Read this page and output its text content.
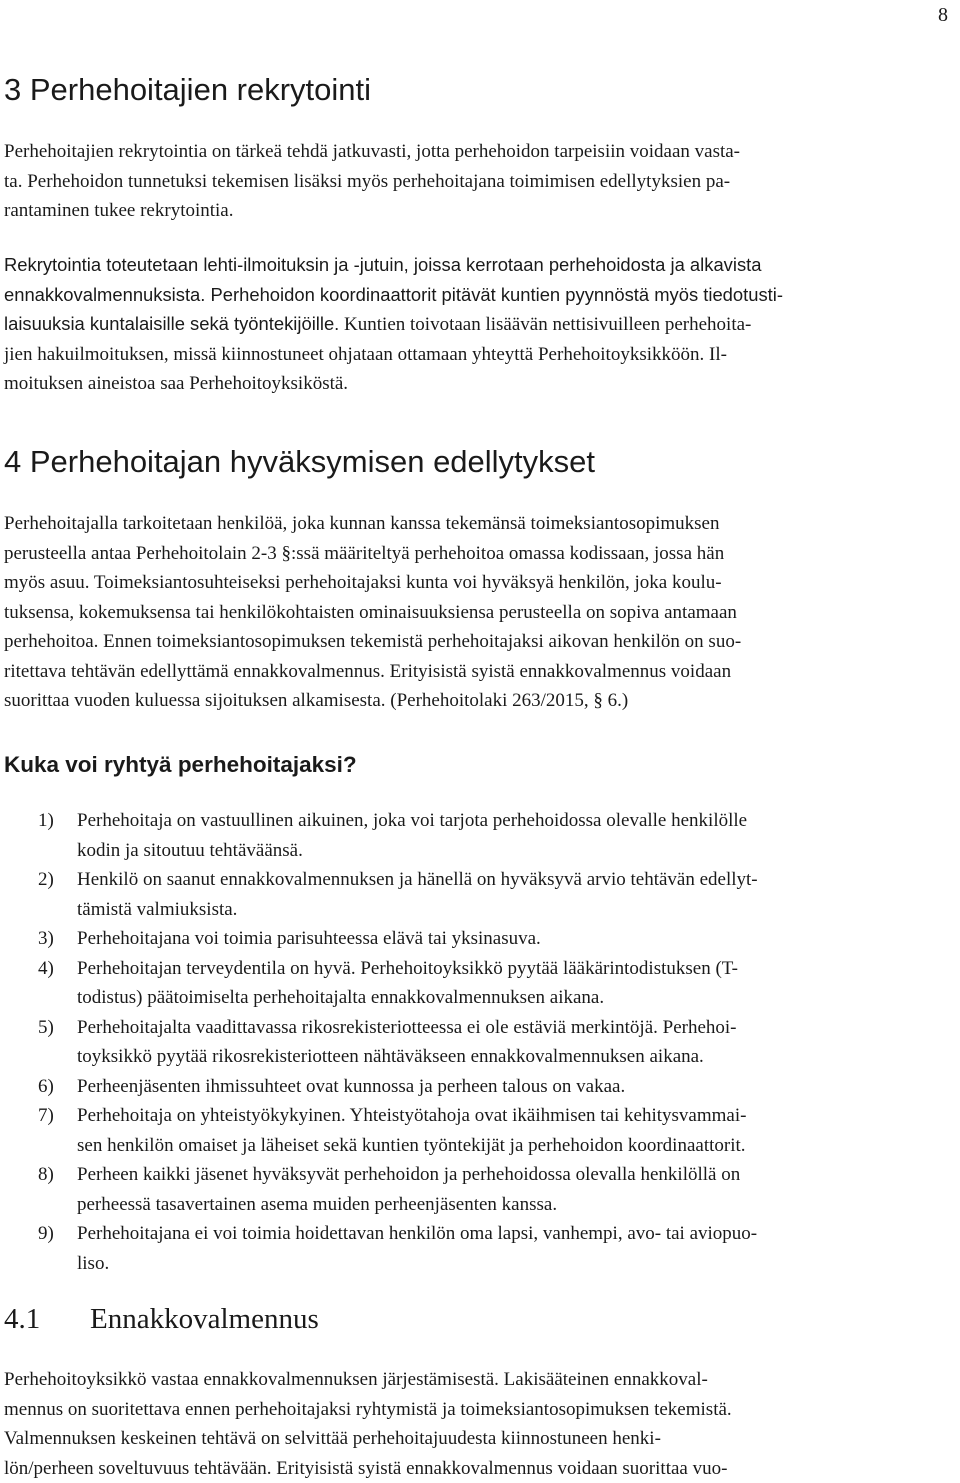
8
3 Perhehoitajien rekrytointi
Perhehoitajien rekrytointia on tärkeä tehdä jatkuvasti, jotta perhehoidon tarpeisiin voidaan vasta-
ta. Perhehoidon tunnetuksi tekemisen lisäksi myös perhehoitajana toimimisen edellytyksien pa-
rantaminen tukee rekrytointia.
Rekrytointia toteutetaan lehti-ilmoituksin ja -jutuin, joissa kerrotaan perhehoidosta ja alkavista
ennakkovalmennuksista. Perhehoidon koordinaattorit pitävät kuntien pyynnöstä myös tiedotusti-
laisuuksia kuntalaisille sekä työntekijöille. Kuntien toivotaan lisäävän nettisivuilleen perhehoita-
jien hakuilmoituksen, missä kiinnostuneet ohjataan ottamaan yhteyttä Perhehoitoyksikköön. Il-
moituksen aineistoa saa Perhehoitoyksiköstä.
4 Perhehoitajan hyväksymisen edellytykset
Perhehoitajalla tarkoitetaan henkilöä, joka kunnan kanssa tekemänsä toimeksiantosopimuksen
perusteella antaa Perhehoitolain 2-3 §:ssä määriteltyä perhehoitoa omassa kodissaan, jossa hän
myös asuu. Toimeksiantosuhteiseksi perhehoitajaksi kunta voi hyväksyä henkilön, joka koulu-
tuksensa, kokemuksensa tai henkilökohtaisten ominaisuuksiensa perusteella on sopiva antamaan
perhehoitoa. Ennen toimeksiantosopimuksen tekemistä perhehoitajaksi aikovan henkilön on suo-
ritettava tehtävän edellyttämä ennakkovalmennus. Erityisistä syistä ennakkovalmennus voidaan
suorittaa vuoden kuluessa sijoituksen alkamisesta. (Perhehoitolaki 263/2015, § 6.)
Kuka voi ryhtyä perhehoitajaksi?
1) Perhehoitaja on vastuullinen aikuinen, joka voi tarjota perhehoidossa olevalle henkilölle
kodin ja sitoutuu tehtäväänsä.
2) Henkilö on saanut ennakkovalmennuksen ja hänellä on hyväksyvä arvio tehtävän edellyt-
tämistä valmiuksista.
3) Perhehoitajana voi toimia parisuhteessa elävä tai yksinasuva.
4) Perhehoitajan terveydentila on hyvä. Perhehoitoyksikkö pyytää lääkärintodistuksen (T-
todistus) päätoimiselta perhehoitajalta ennakkovalmennuksen aikana.
5) Perhehoitajalta vaadittavassa rikosrekisteriotteessa ei ole estäviä merkintöjä. Perhehoi-
toyksikkö pyytää rikosrekisteriotteen nähtäväkseen ennakkovalmennuksen aikana.
6) Perheenjäsenten ihmissuhteet ovat kunnossa ja perheen talous on vakaa.
7) Perhehoitaja on yhteistyökykyinen. Yhteistyötahoja ovat ikäihmisen tai kehitysvammai-
sen henkilön omaiset ja läheiset sekä kuntien työntekijät ja perhehoidon koordinaattorit.
8) Perheen kaikki jäsenet hyväksyvät perhehoidon ja perhehoidossa olevalla henkilöllä on
perheessä tasavertainen asema muiden perheenjäsenten kanssa.
9) Perhehoitajana ei voi toimia hoidettavan henkilön oma lapsi, vanhempi, avo- tai aviopuo-
liso.
4.1 Ennakkovalmennus
Perhehoitoyksikkö vastaa ennakkovalmennuksen järjestämisestä. Lakisääteinen ennakkoval-
mennus on suoritettava ennen perhehoitajaksi ryhtymistä ja toimeksiantosopimuksen tekemistä.
Valmennuksen keskeinen tehtävä on selvittää perhehoitajuudesta kiinnostuneen henki-
lön/perheen soveltuvuus tehtävään. Erityisistä syistä ennakkovalmennus voidaan suorittaa vuo-
